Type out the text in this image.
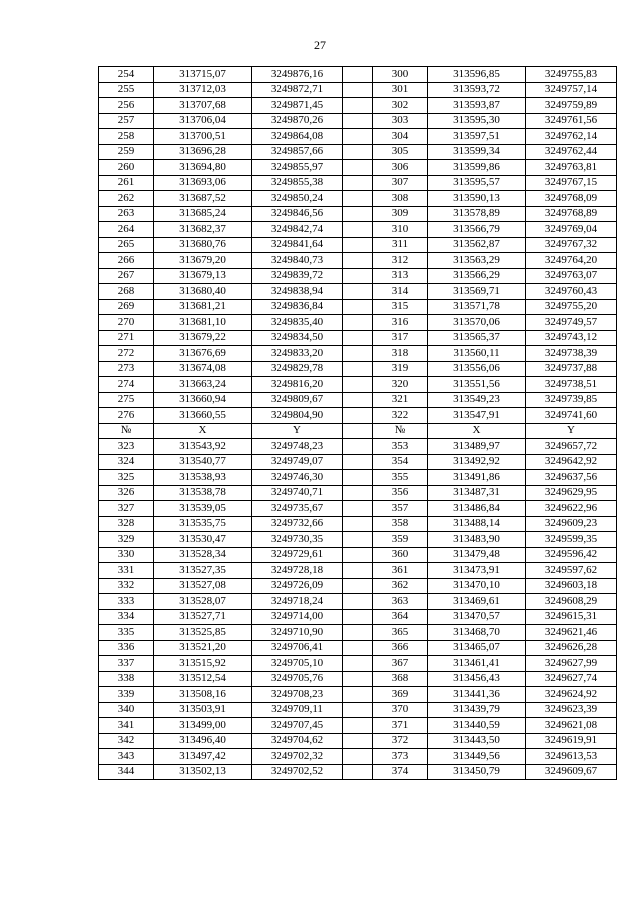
27
254	313715,07	3249876,16		300	313596,85	3249755,83
255	313712,03	3249872,71		301	313593,72	3249757,14
256	313707,68	3249871,45		302	313593,87	3249759,89
257	313706,04	3249870,26		303	313595,30	3249761,56
258	313700,51	3249864,08		304	313597,51	3249762,14
259	313696,28	3249857,66		305	313599,34	3249762,44
260	313694,80	3249855,97		306	313599,86	3249763,81
261	313693,06	3249855,38		307	313595,57	3249767,15
262	313687,52	3249850,24		308	313590,13	3249768,09
263	313685,24	3249846,56		309	313578,89	3249768,89
264	313682,37	3249842,74		310	313566,79	3249769,04
265	313680,76	3249841,64		311	313562,87	3249767,32
266	313679,20	3249840,73		312	313563,29	3249764,20
267	313679,13	3249839,72		313	313566,29	3249763,07
268	313680,40	3249838,94		314	313569,71	3249760,43
269	313681,21	3249836,84		315	313571,78	3249755,20
270	313681,10	3249835,40		316	313570,06	3249749,57
271	313679,22	3249834,50		317	313565,37	3249743,12
272	313676,69	3249833,20		318	313560,11	3249738,39
273	313674,08	3249829,78		319	313556,06	3249737,88
274	313663,24	3249816,20		320	313551,56	3249738,51
275	313660,94	3249809,67		321	313549,23	3249739,85
276	313660,55	3249804,90		322	313547,91	3249741,60
№	X	Y		№	X	Y
323	313543,92	3249748,23		353	313489,97	3249657,72
324	313540,77	3249749,07		354	313492,92	3249642,92
325	313538,93	3249746,30		355	313491,86	3249637,56
326	313538,78	3249740,71		356	313487,31	3249629,95
327	313539,05	3249735,67		357	313486,84	3249622,96
328	313535,75	3249732,66		358	313488,14	3249609,23
329	313530,47	3249730,35		359	313483,90	3249599,35
330	313528,34	3249729,61		360	313479,48	3249596,42
331	313527,35	3249728,18		361	313473,91	3249597,62
332	313527,08	3249726,09		362	313470,10	3249603,18
333	313528,07	3249718,24		363	313469,61	3249608,29
334	313527,71	3249714,00		364	313470,57	3249615,31
335	313525,85	3249710,90		365	313468,70	3249621,46
336	313521,20	3249706,41		366	313465,07	3249626,28
337	313515,92	3249705,10		367	313461,41	3249627,99
338	313512,54	3249705,76		368	313456,43	3249627,74
339	313508,16	3249708,23		369	313441,36	3249624,92
340	313503,91	3249709,11		370	313439,79	3249623,39
341	313499,00	3249707,45		371	313440,59	3249621,08
342	313496,40	3249704,62		372	313443,50	3249619,91
343	313497,42	3249702,32		373	313449,56	3249613,53
344	313502,13	3249702,52		374	313450,79	3249609,67
